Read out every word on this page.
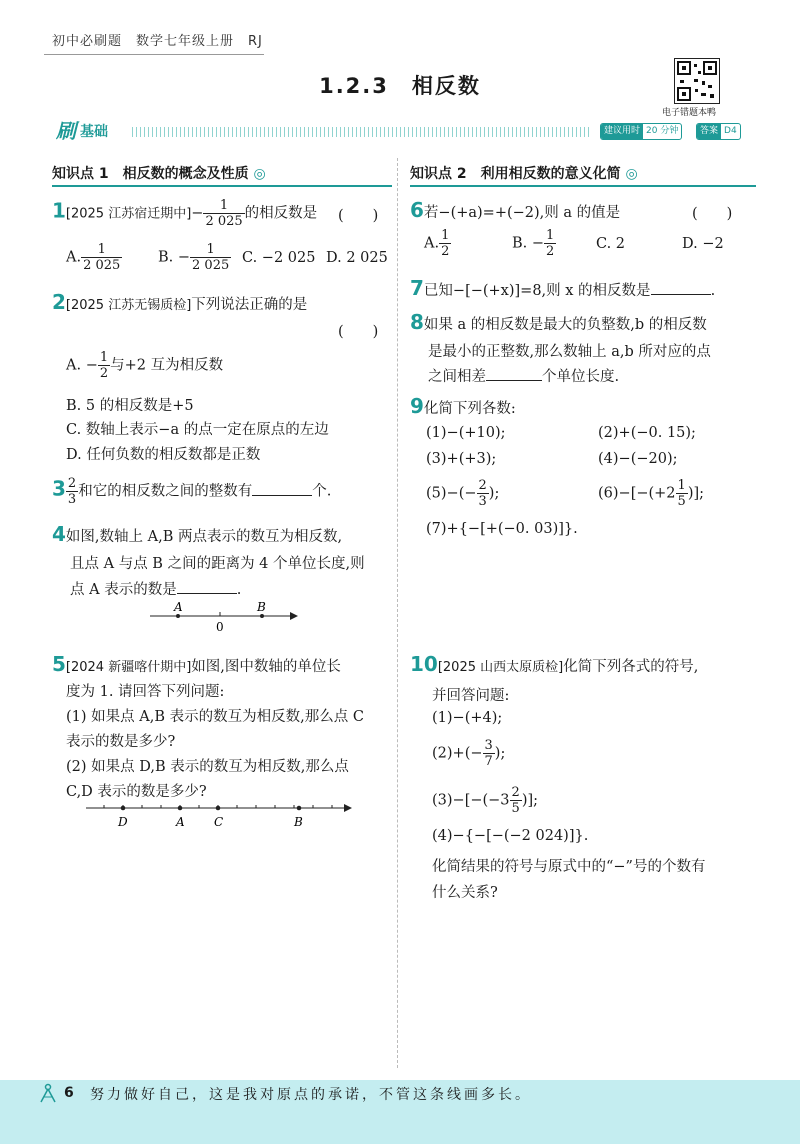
初中必刷题　数学七年级上册　RJ
1.2.3　相反数
电子错题本鸭
刷 基础	建议用时 20 分钟	答案 D4
知识点 1　相反数的概念及性质 ◎
1[2025 江苏宿迁期中]− $\frac{1}{2 025}$ 的相反数是 (　　)
A. $\frac{1}{2 025} B$. − $\frac{1}{2 025} C$. −2 025 D. 2 025
2[2025 江苏无锡质检]下列说法正确的是
(　　)
A. − $\frac{1}{2}$ 与+2 互为相反数
B. 5 的相反数是+5
C. 数轴上表示−a 的点一定在原点的左边
D. 任何负数的相反数都是正数
$3 \frac{2}{3}$ 和它的相反数之间的整数有	个.
4如图,数轴上 A,B 两点表示的数互为相反数,
且点 A 与点 B 之间的距离为 4 个单位长度,则
点 A 表示的数是	.
A
0
B
5[2024 新疆喀什期中]如图,图中数轴的单位长
度为 1. 请回答下列问题:
(1) 如果点 A,B 表示的数互为相反数,那么点 C
表示的数是多少?
(2) 如果点 D,B 表示的数互为相反数,那么点
C,D 表示的数是多少?
D	A C	B
知识点 2　利用相反数的意义化简 ◎
6若−(+a)=+(−2),则 a 的值是	(　　)
A. $\frac{1}{2}$	B. − $\frac{1}{2}$	C. 2	D. −2
7已知−[−(+x)]=8,则 x 的相反数是	.
8如果 a 的相反数是最大的负整数,b 的相反数
是最小的正整数,那么数轴上 a,b 所对应的点
之间相差	个单位长度.
9化简下列各数:
(1)−(+10);	(2)+(−0. 15);
(3)+(+3);	(4)−(−20);
$(5)-(- \frac{2}{3}$ );	$(6)-[-(+2 \frac{1}{5}$ )];
(7)+{−[+(−0. 03)]}.
10[2025 山西太原质检]化简下列各式的符号,
并回答问题:
(1)−(+4);
$(2)+(- \frac{3}{7}$ );
$(3)-[-(-3 \frac{2}{5}$ )];
(4)−{−[−(−2 024)]}.
化简结果的符号与原式中的“−”号的个数有
什么关系?
6 努力做好自己，这是我对原点的承诺，不管这条线画多长。
